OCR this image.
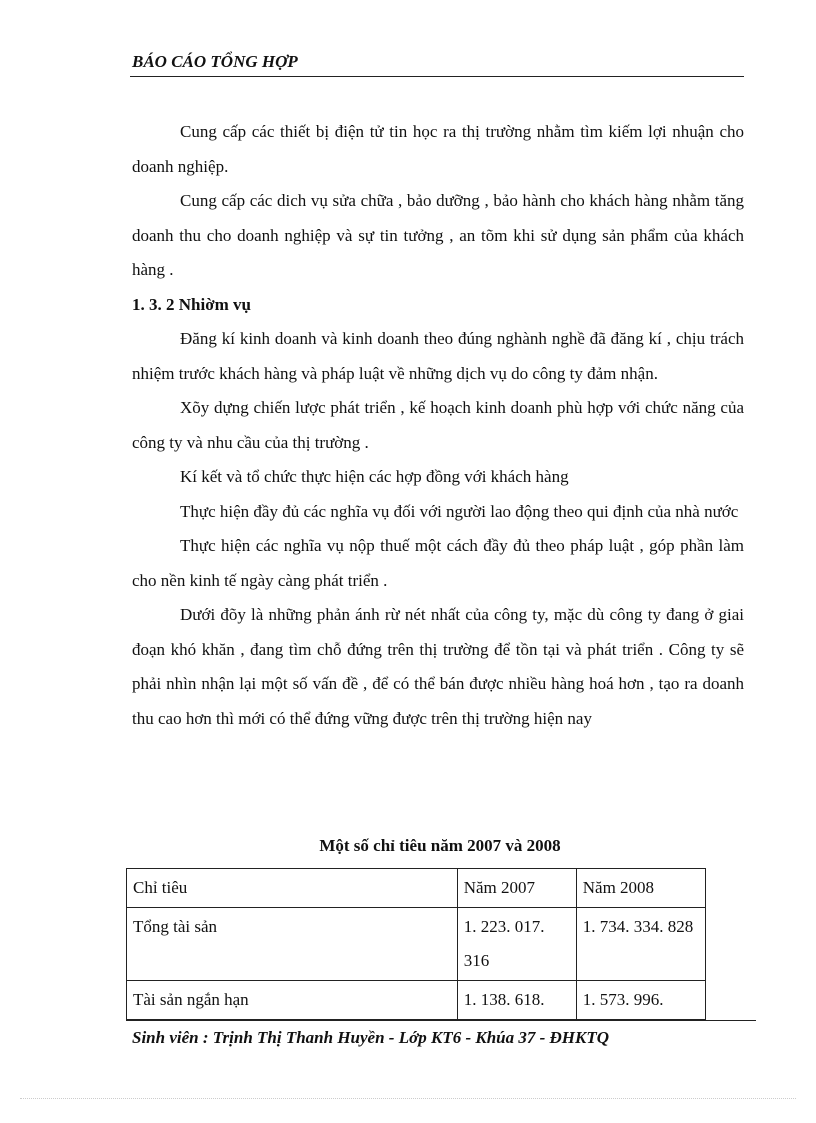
BÁO CÁO TỔNG HỢP

Cung cấp các thiết bị điện tử tin học ra thị trường nhằm tìm kiếm lợi nhuận cho doanh nghiệp.

Cung cấp các dich vụ sửa chữa , bảo dưỡng , bảo hành cho khách hàng nhằm tăng doanh thu cho doanh nghiệp và sự tin tưởng , an tõm khi sử dụng sản phẩm của khách hàng .

1. 3. 2 Nhiờm vụ

Đăng kí kinh doanh và kinh doanh theo đúng nghành nghề đã đăng kí , chịu trách nhiệm trước khách hàng và pháp luật về những dịch vụ do công ty đảm nhận.

Xõy dựng chiến lược phát triển , kế hoạch kinh doanh phù hợp với chức năng của công ty và nhu cầu của thị trường .

Kí kết và tổ chức thực hiện các hợp đồng với khách hàng

Thực hiện đầy đủ các nghĩa vụ đối với người lao động theo qui định của nhà nước

Thực hiện các nghĩa vụ nộp thuế một cách đầy đủ theo pháp luật , góp phần làm cho nền kinh tế ngày càng phát triển .

Dưới đõy là những phản ánh rừ nét nhất của công ty, mặc dù công ty đang ở giai đoạn khó khăn , đang tìm chỗ đứng trên thị trường để tồn tại và phát triển . Công ty sẽ phải nhìn nhận lại một số vấn đề , để có thể bán được nhiều hàng hoá hơn , tạo ra doanh thu cao hơn thì mới có thể đứng vững được trên thị trường hiện nay

Một số chỉ tiêu năm 2007 và 2008
Chỉ tiêu	Năm 2007	Năm 2008
Tổng tài sản	1. 223. 017. 316	1. 734. 334. 828
Tài sản ngắn hạn	1. 138. 618.	1. 573. 996.
Sinh viên : Trịnh Thị Thanh Huyền - Lớp KT6 - Khúa 37 - ĐHKTQ
